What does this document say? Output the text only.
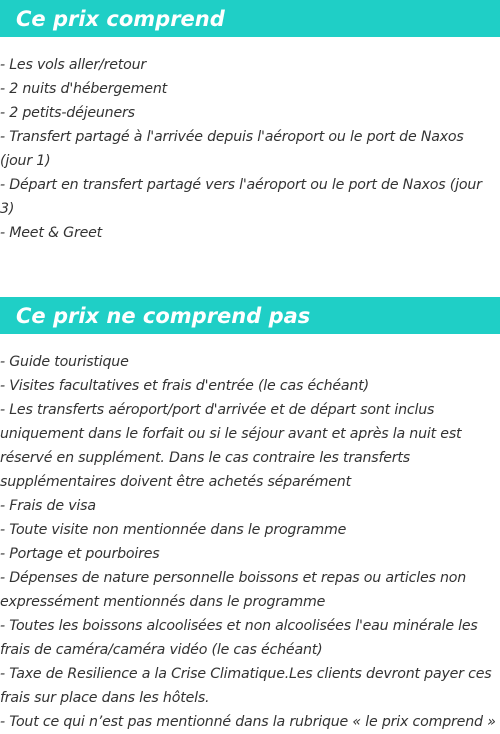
Ce prix comprend
- Les vols aller/retour
- 2 nuits d'hébergement
- 2 petits-déjeuners
- Transfert partagé à l'arrivée depuis l'aéroport ou le port de Naxos (jour 1)
- Départ en transfert partagé vers l'aéroport ou le port de Naxos (jour 3)
- Meet & Greet
Ce prix ne comprend pas
- Guide touristique
- Visites facultatives et frais d'entrée (le cas échéant)
- Les transferts aéroport/port d'arrivée et de départ sont inclus uniquement dans le forfait ou si le séjour avant et après la nuit est réservé en supplément. Dans le cas contraire les transferts supplémentaires doivent être achetés séparément
- Frais de visa
- Toute visite non mentionnée dans le programme
- Portage et pourboires
- Dépenses de nature personnelle boissons et repas ou articles non expressément mentionnés dans le programme
- Toutes les boissons alcoolisées et non alcoolisées l'eau minérale les frais de caméra/caméra vidéo (le cas échéant)
- Taxe de Resilience a la Crise Climatique.Les clients devront payer ces frais sur place dans les hôtels.
- Tout ce qui n’est pas mentionné dans la rubrique « le prix comprend »
